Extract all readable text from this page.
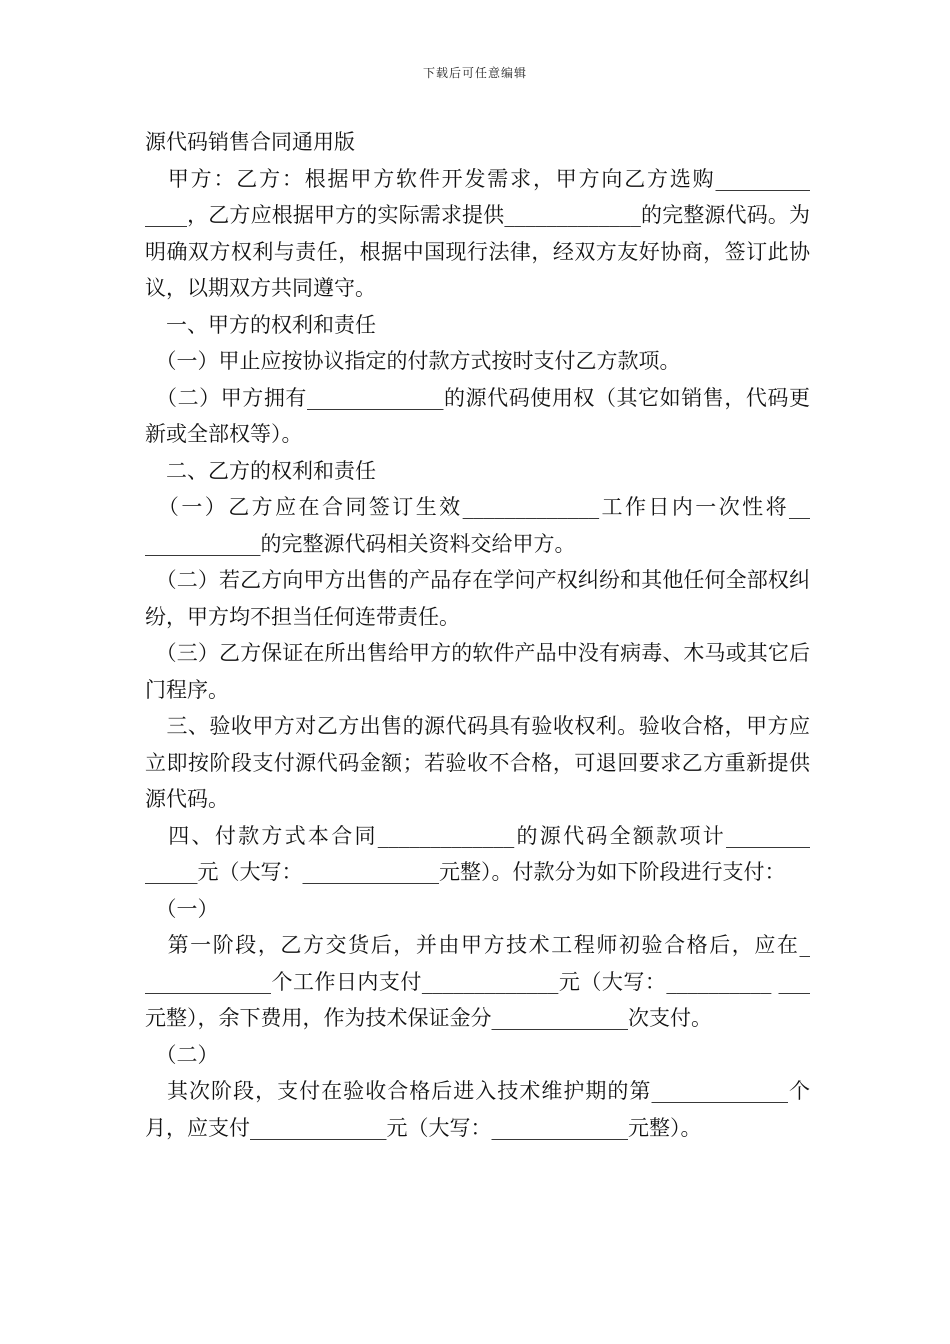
下载后可任意编辑

源代码销售合同通用版

　甲方：乙方：根据甲方软件开发需求，甲方向乙方选购_________ ____，乙方应根据甲方的实际需求提供_____________的完整源代码。为明确双方权利与责任，根据中国现行法律，经双方友好协商，签订此协议，以期双方共同遵守。

　一、甲方的权利和责任

　（一）甲止应按协议指定的付款方式按时支付乙方款项。

　（二）甲方拥有_____________的源代码使用权（其它如销售，代码更新或全部权等）。

　二、乙方的权利和责任

　（一）乙方应在合同签订生效_____________工作日内一次性将__ ___________的完整源代码相关资料交给甲方。

　（二）若乙方向甲方出售的产品存在学问产权纠纷和其他任何全部权纠纷，甲方均不担当任何连带责任。

　（三）乙方保证在所出售给甲方的软件产品中没有病毒、木马或其它后门程序。

　三、验收甲方对乙方出售的源代码具有验收权利。验收合格，甲方应立即按阶段支付源代码金额；若验收不合格，可退回要求乙方重新提供源代码。

　四、付款方式本合同_____________的源代码全额款项计________ _____元（大写：_____________元整）。付款分为如下阶段进行支付：

　（一）

　第一阶段，乙方交货后，并由甲方技术工程师初验合格后，应在_ ____________个工作日内支付_____________元（大写：__________ ___元整），余下费用，作为技术保证金分_____________次支付。

　（二）

　其次阶段，支付在验收合格后进入技术维护期的第_____________个月，应支付_____________元（大写：_____________元整）。
